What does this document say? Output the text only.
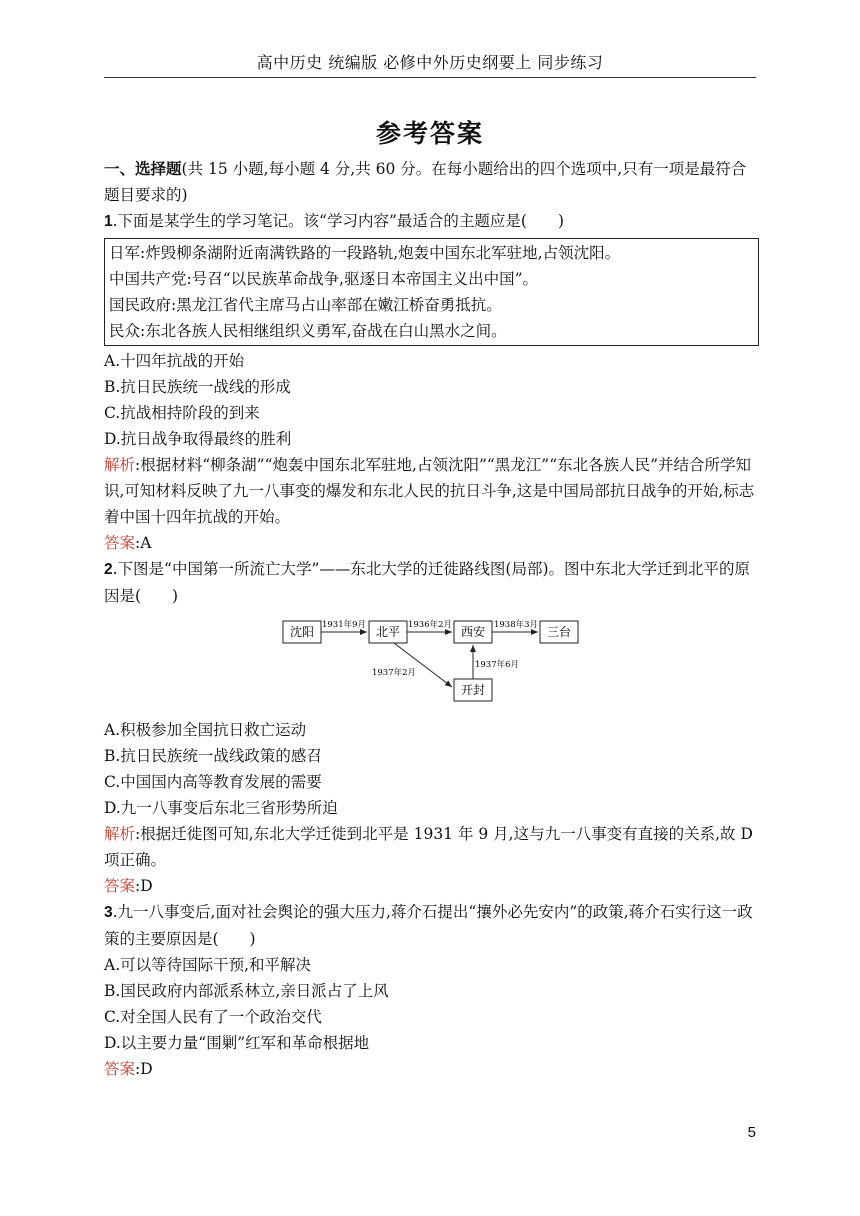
高中历史 统编版 必修中外历史纲要上 同步练习
参考答案

一、选择题(共 15 小题,每小题 4 分,共 60 分。在每小题给出的四个选项中,只有一项是最符合题目要求的)

1.下面是某学生的学习笔记。该“学习内容”最适合的主题应是(　　)

日军:炸毁柳条湖附近南满铁路的一段路轨,炮轰中国东北军驻地,占领沈阳。
中国共产党:号召“以民族革命战争,驱逐日本帝国主义出中国”。
国民政府:黑龙江省代主席马占山率部在嫩江桥奋勇抵抗。
民众:东北各族人民相继组织义勇军,奋战在白山黑水之间。

A.十四年抗战的开始

B.抗日民族统一战线的形成

C.抗战相持阶段的到来

D.抗日战争取得最终的胜利

解析:根据材料“柳条湖”“炮轰中国东北军驻地,占领沈阳”“黑龙江”“东北各族人民”并结合所学知识,可知材料反映了九一八事变的爆发和东北人民的抗日斗争,这是中国局部抗日战争的开始,标志着中国十四年抗战的开始。

答案:A

2.下图是“中国第一所流亡大学”——东北大学的迁徙路线图(局部)。图中东北大学迁到北平的原因是(　　)

沈阳	北平	西安	三台
开封
1931年9月	1936年2月	1938年3月
1937年2月
1937年6月

A.积极参加全国抗日救亡运动

B.抗日民族统一战线政策的感召

C.中国国内高等教育发展的需要

D.九一八事变后东北三省形势所迫

解析:根据迁徙图可知,东北大学迁徙到北平是 1931 年 9 月,这与九一八事变有直接的关系,故 D 项正确。

答案:D

3.九一八事变后,面对社会舆论的强大压力,蒋介石提出“攘外必先安内”的政策,蒋介石实行这一政策的主要原因是(　　)

A.可以等待国际干预,和平解决

B.国民政府内部派系林立,亲日派占了上风

C.对全国人民有了一个政治交代

D.以主要力量“围剿”红军和革命根据地

答案:D

5
